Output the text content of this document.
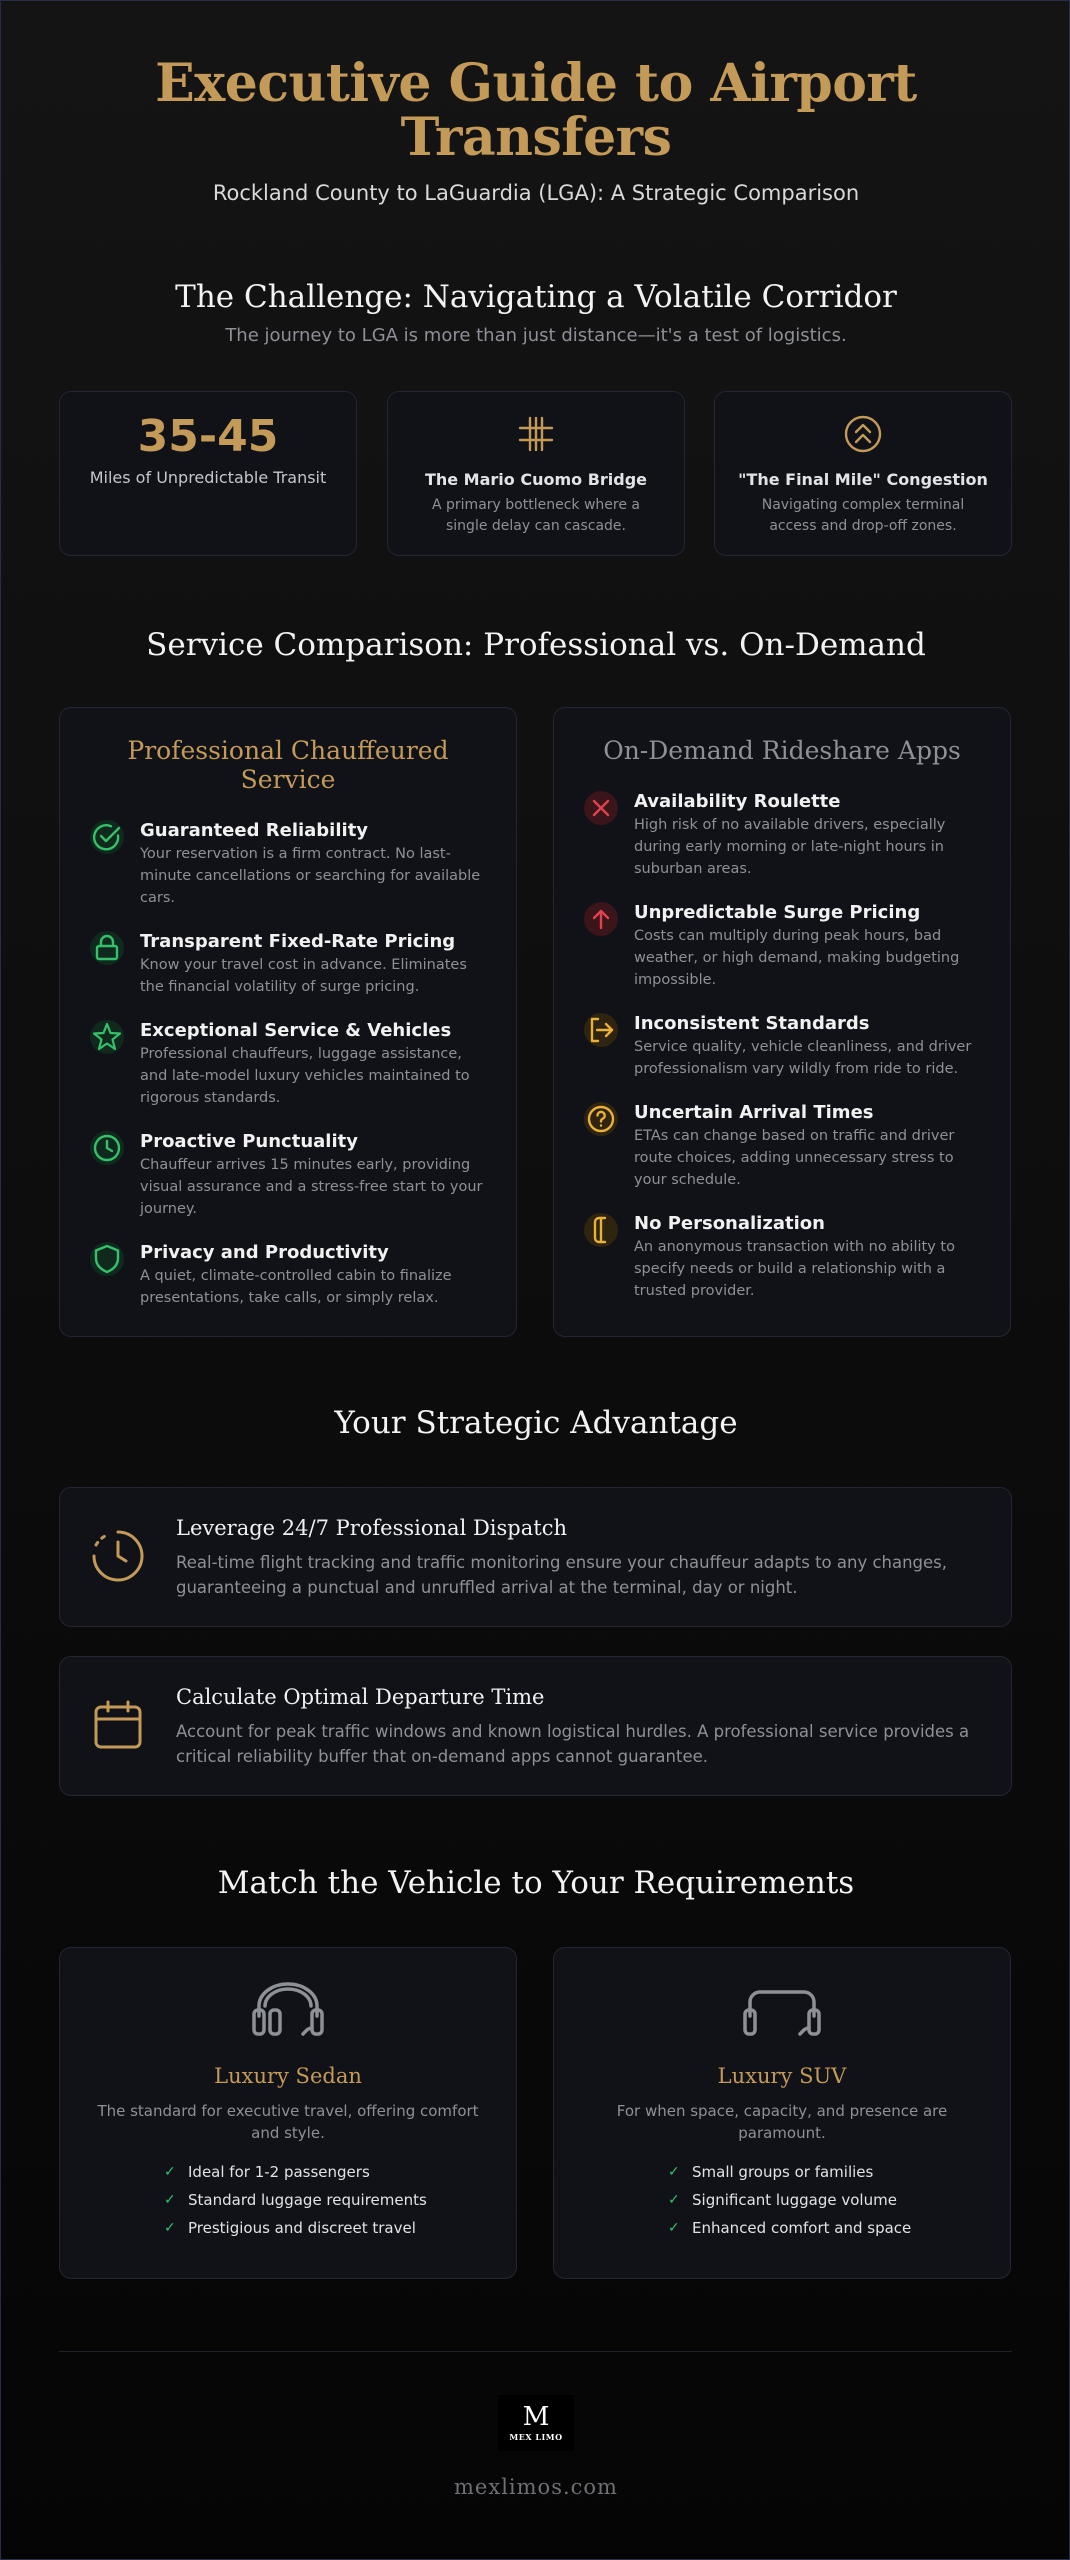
Executive Guide to Airport
Transfers
Rockland County to LaGuardia (LGA): A Strategic Comparison
The Challenge: Navigating a Volatile Corridor
The journey to LGA is more than just distance—it's a test of logistics.
35-45
Miles of Unpredictable Transit	The Mario Cuomo Bridge
A primary bottleneck where a single delay can cascade.
"The Final Mile" Congestion
Navigating complex terminal access and drop-off zones.
Service Comparison: Professional vs. On-Demand
Professional Chauffeured Service
Guaranteed Reliability

Your reservation is a firm contract. No last-minute cancellations or searching for available cars.

Transparent Fixed-Rate Pricing

Know your travel cost in advance. Eliminates the financial volatility of surge pricing.

Exceptional Service & Vehicles

Professional chauffeurs, luggage assistance, and late-model luxury vehicles maintained to rigorous standards.

Proactive Punctuality

Chauffeur arrives 15 minutes early, providing visual assurance and a stress-free start to your journey.

Privacy and Productivity

A quiet, climate-controlled cabin to finalize presentations, take calls, or simply relax.

On-Demand Rideshare Apps
Availability Roulette

High risk of no available drivers, especially during early morning or late-night hours in suburban areas.

Unpredictable Surge Pricing

Costs can multiply during peak hours, bad weather, or high demand, making budgeting impossible.

Inconsistent Standards

Service quality, vehicle cleanliness, and driver professionalism vary wildly from ride to ride.

Uncertain Arrival Times

ETAs can change based on traffic and driver route choices, adding unnecessary stress to your schedule.

No Personalization

An anonymous transaction with no ability to specify needs or build a relationship with a trusted provider.

Your Strategic Advantage
Leverage 24/7 Professional Dispatch

Real-time flight tracking and traffic monitoring ensure your chauffeur adapts to any changes, guaranteeing a punctual and unruffled arrival at the terminal, day or night.

Calculate Optimal Departure Time

Account for peak traffic windows and known logistical hurdles. A professional service provides a critical reliability buffer that on-demand apps cannot guarantee.

Match the Vehicle to Your Requirements
Luxury Sedan
The standard for executive travel, offering comfort and style.
✓ Ideal for 1-2 passengers
✓ Standard luggage requirements
✓ Prestigious and discreet travel
Luxury SUV
For when space, capacity, and presence are paramount.
✓ Small groups or families
✓ Significant luggage volume
✓ Enhanced comfort and space
M
MEX LIMO
mexlimos.com
